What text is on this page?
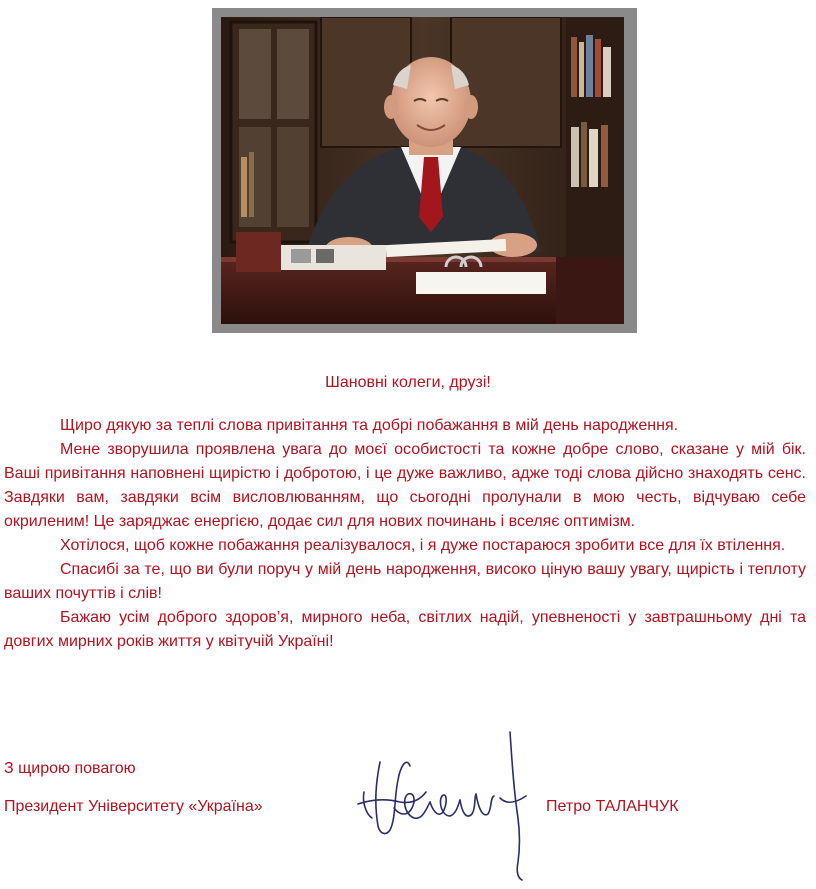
Шановні колеги, друзі!

Щиро дякую за теплі слова привітання та добрі побажання в мій день народження.

Мене зворушила проявлена увага до моєї особистості та кожне добре слово, сказане у мій бік. Ваші привітання наповнені щирістю і добротою, і це дуже важливо, адже тоді слова дійсно знаходять сенс. Завдяки вам, завдяки всім висловлюванням, що сьогодні пролунали в мою честь, відчуваю себе окриленим! Це заряджає енергією, додає сил для нових починань і вселяє оптимізм.

Хотілося, щоб кожне побажання реалізувалося, і я дуже постараюся зробити все для їх втілення.

Спасибі за те, що ви були поруч у мій день народження, високо ціную вашу увагу, щирість і теплоту ваших почуттів і слів!

Бажаю усім доброго здоров’я, мирного неба, світлих надій, упевненості у завтрашньому дні та довгих мирних років життя у квітучій Україні!

З щирою повагою
Президент Університету «Україна»	Петро ТАЛАНЧУК
